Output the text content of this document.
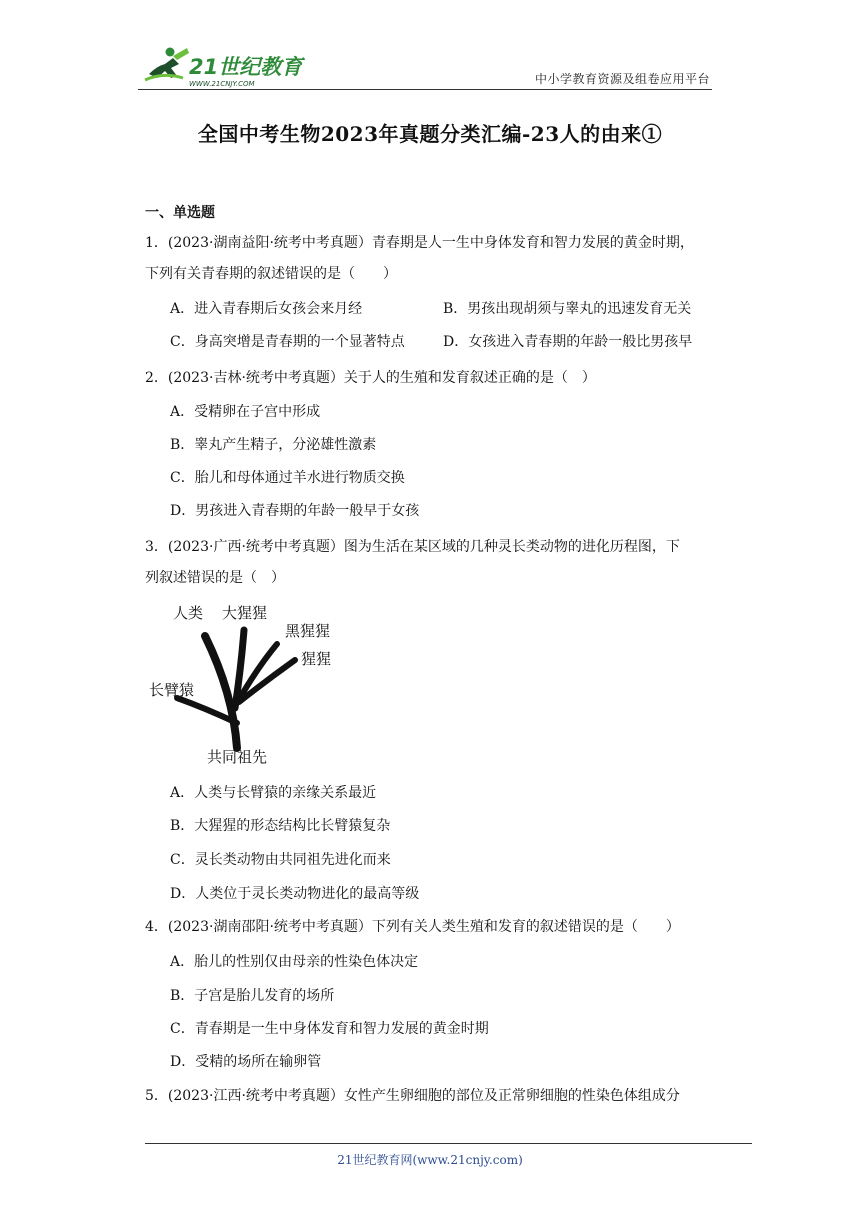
21世纪教育
WWW.21CNJY.COM	中小学教育资源及组卷应用平台
全国中考生物2023年真题分类汇编-23人的由来①
一、单选题
1．(2023·湖南益阳·统考中考真题）青春期是人一生中身体发育和智力发展的黄金时期，
下列有关青春期的叙述错误的是（　　）
A．进入青春期后女孩会来月经	B．男孩出现胡须与睾丸的迅速发育无关
C．身高突增是青春期的一个显著特点	D．女孩进入青春期的年龄一般比男孩早
2．(2023·吉林·统考中考真题）关于人的生殖和发育叙述正确的是（　）
A．受精卵在子宫中形成
B．睾丸产生精子，分泌雄性激素
C．胎儿和母体通过羊水进行物质交换
D．男孩进入青春期的年龄一般早于女孩
3．(2023·广西·统考中考真题）图为生活在某区域的几种灵长类动物的进化历程图，下
列叙述错误的是（　）
人类 大猩猩
黑猩猩
猩猩
长臂猿
共同祖先
A．人类与长臂猿的亲缘关系最近
B．大猩猩的形态结构比长臂猿复杂
C．灵长类动物由共同祖先进化而来
D．人类位于灵长类动物进化的最高等级
4．(2023·湖南邵阳·统考中考真题）下列有关人类生殖和发育的叙述错误的是（　　）
A．胎儿的性别仅由母亲的性染色体决定
B．子宫是胎儿发育的场所
C．青春期是一生中身体发育和智力发展的黄金时期
D．受精的场所在输卵管
5．(2023·江西·统考中考真题）女性产生卵细胞的部位及正常卵细胞的性染色体组成分
21世纪教育网(www.21cnjy.com)
